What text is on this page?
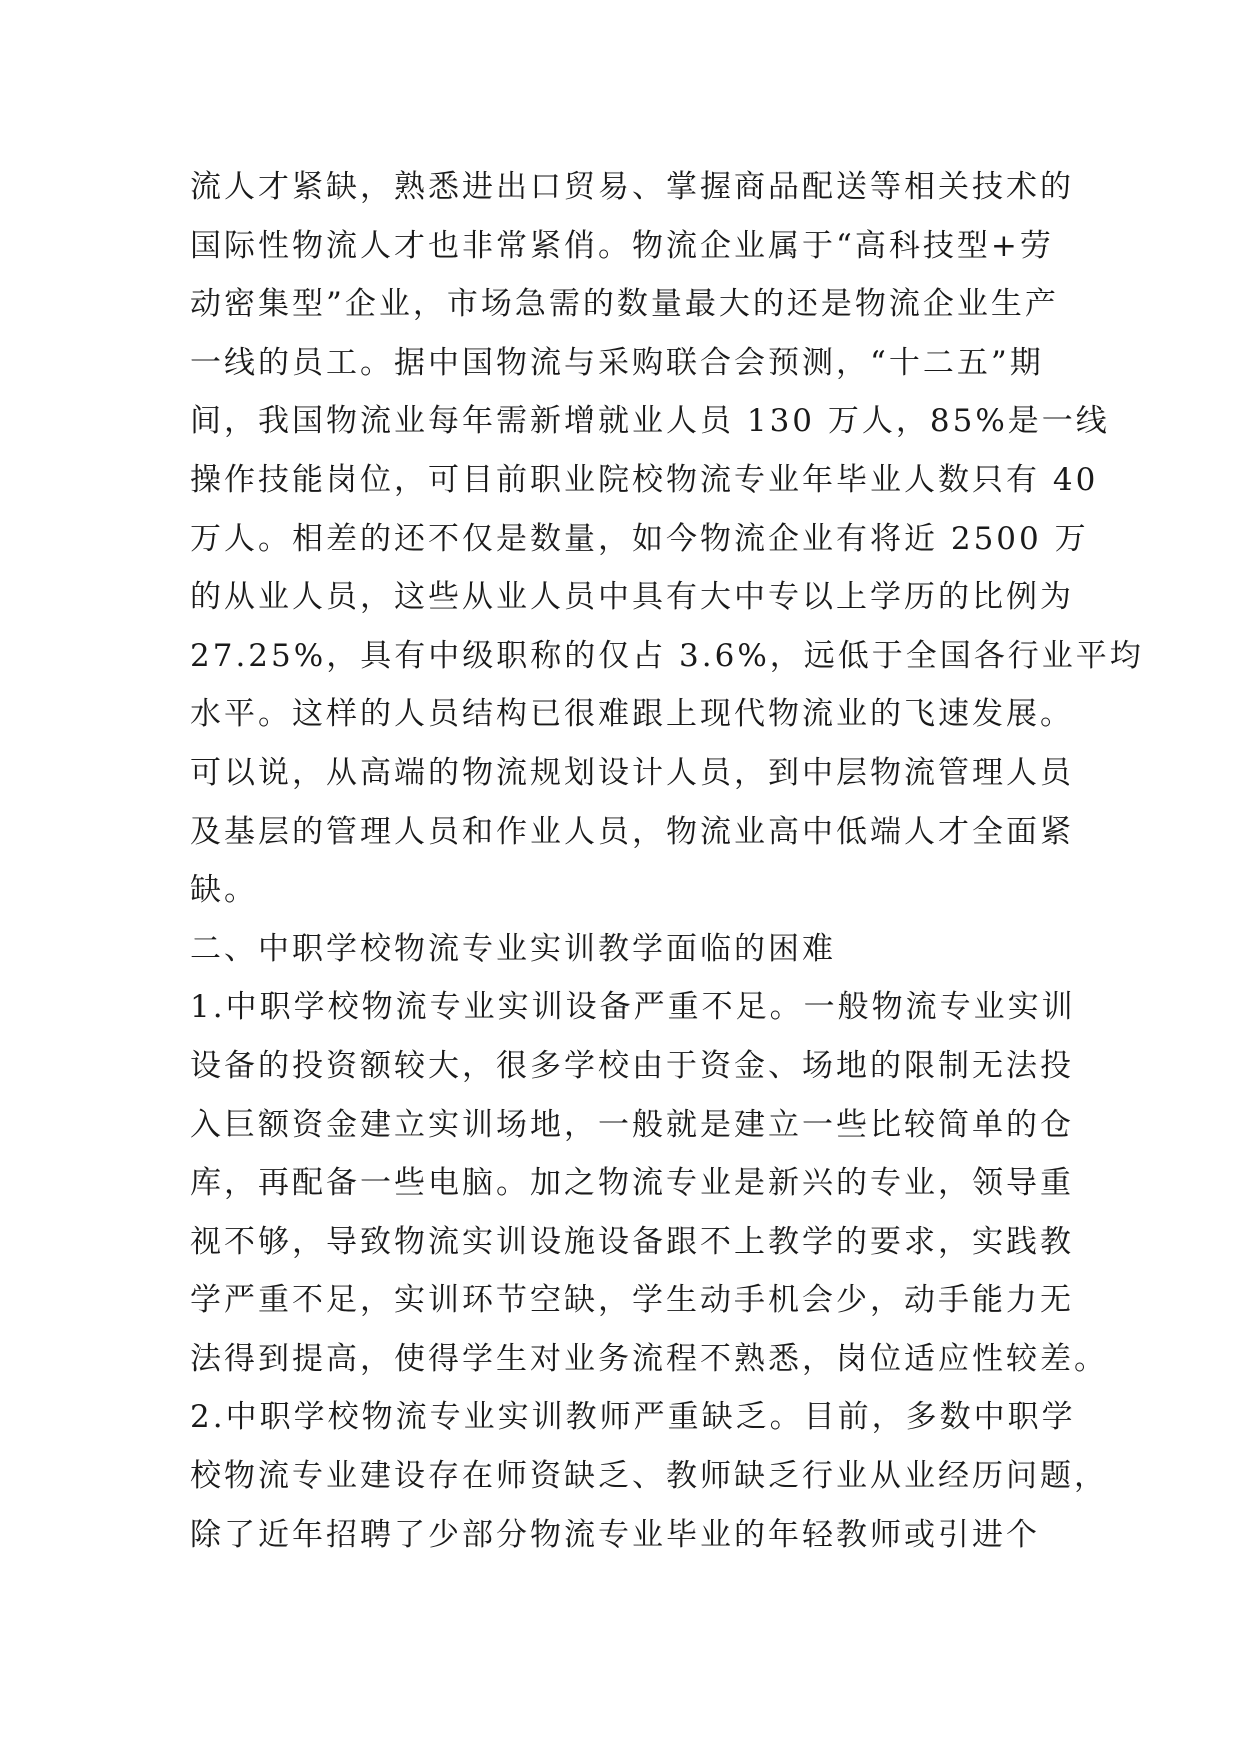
流人才紧缺，熟悉进出口贸易、掌握商品配送等相关技术的
国际性物流人才也非常紧俏。物流企业属于“高科技型+劳
动密集型”企业，市场急需的数量最大的还是物流企业生产
一线的员工。据中国物流与采购联合会预测，“十二五”期
间，我国物流业每年需新增就业人员 130 万人，85%是一线
操作技能岗位，可目前职业院校物流专业年毕业人数只有 40
万人。相差的还不仅是数量，如今物流企业有将近 2500 万
的从业人员，这些从业人员中具有大中专以上学历的比例为
27.25%，具有中级职称的仅占 3.6%，远低于全国各行业平均
水平。这样的人员结构已很难跟上现代物流业的飞速发展。
可以说，从高端的物流规划设计人员，到中层物流管理人员
及基层的管理人员和作业人员，物流业高中低端人才全面紧
缺。
二、中职学校物流专业实训教学面临的困难
1.中职学校物流专业实训设备严重不足。一般物流专业实训
设备的投资额较大，很多学校由于资金、场地的限制无法投
入巨额资金建立实训场地，一般就是建立一些比较简单的仓
库，再配备一些电脑。加之物流专业是新兴的专业，领导重
视不够，导致物流实训设施设备跟不上教学的要求，实践教
学严重不足，实训环节空缺，学生动手机会少，动手能力无
法得到提高，使得学生对业务流程不熟悉，岗位适应性较差。
2.中职学校物流专业实训教师严重缺乏。目前，多数中职学
校物流专业建设存在师资缺乏、教师缺乏行业从业经历问题，
除了近年招聘了少部分物流专业毕业的年轻教师或引进个
